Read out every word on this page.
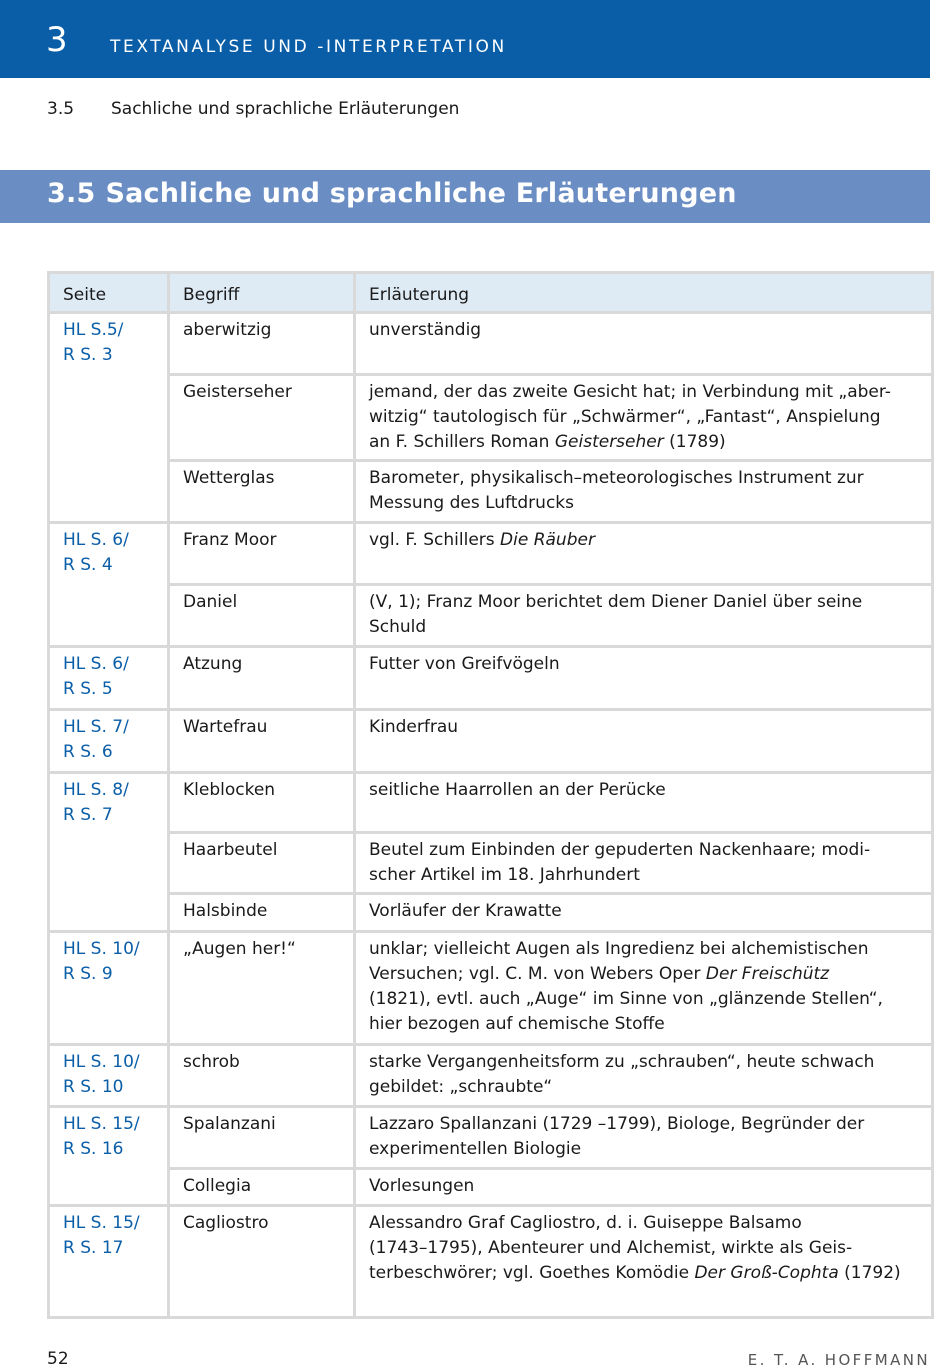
3 TEXTANALYSE UND -INTERPRETATION
3.5 Sachliche und sprachliche Erläuterungen
3.5 Sachliche und sprachliche Erläuterungen
Seite	Begriff	Erläuterung

HL S.5/
R S. 3	aberwitzig	unverständig

	Geisterseher	jemand, der das zweite Gesicht hat; in Verbindung mit „aber-
witzig“ tautologisch für „Schwärmer“, „Fantast“, Anspielung
an F. Schillers Roman Geisterseher (1789)

	Wetterglas	Barometer, physikalisch–meteorologisches Instrument zur
Messung des Luftdrucks

HL S. 6/
R S. 4	Franz Moor	vgl. F. Schillers Die Räuber

	Daniel	(V, 1); Franz Moor berichtet dem Diener Daniel über seine
Schuld

HL S. 6/
R S. 5	Atzung	Futter von Greifvögeln

HL S. 7/
R S. 6	Wartefrau	Kinderfrau

HL S. 8/
R S. 7	Kleblocken	seitliche Haarrollen an der Perücke

	Haarbeutel	Beutel zum Einbinden der gepuderten Nackenhaare; modi-
scher Artikel im 18. Jahrhundert

	Halsbinde	Vorläufer der Krawatte

HL S. 10/
R S. 9	„Augen her!“	unklar; vielleicht Augen als Ingredienz bei alchemistischen
Versuchen; vgl. C. M. von Webers Oper Der Freischütz
(1821), evtl. auch „Auge“ im Sinne von „glänzende Stellen“,
hier bezogen auf chemische Stoffe

HL S. 10/
R S. 10	schrob	starke Vergangenheitsform zu „schrauben“, heute schwach
gebildet: „schraubte“

HL S. 15/
R S. 16	Spalanzani	Lazzaro Spallanzani (1729 –1799), Biologe, Begründer der
experimentellen Biologie

	Collegia	Vorlesungen

HL S. 15/
R S. 17	Cagliostro	Alessandro Graf Cagliostro, d. i. Guiseppe Balsamo
(1743–1795), Abenteurer und Alchemist, wirkte als Geis-
terbeschwörer; vgl. Goethes Komödie Der Groß-Cophta (1792)
52	E. T. A. HOFFMANN
